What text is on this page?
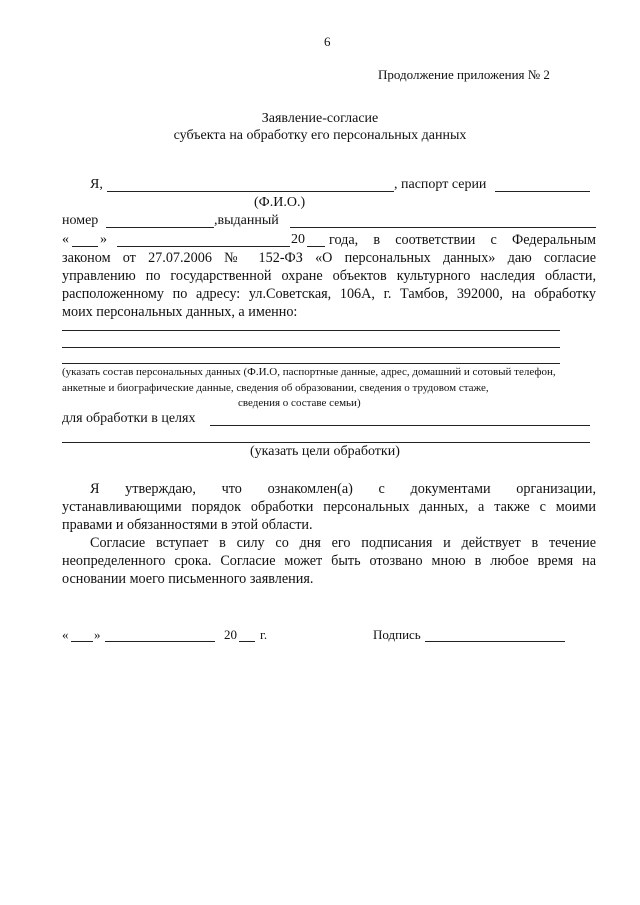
6
Продолжение приложения № 2
Заявление-согласие
субъекта на обработку его персональных данных
Я,	, паспорт серии
(Ф.И.О.)
номер	,выданный
« »	20 года, в соответствии с Федеральным
законом от 27.07.2006 № 152-ФЗ «О персональных данных» даю согласие
управлению по государственной охране объектов культурного наследия области,
расположенному по адресу: ул.Советская, 106А, г. Тамбов, 392000, на обработку
моих персональных данных, а именно:
(указать состав персональных данных (Ф.И.О, паспортные данные, адрес, домашний и сотовый телефон,
анкетные и биографические данные, сведения об образовании, сведения о трудовом стаже,
сведения о составе семьи)
для обработки в целях
(указать цели обработки)
Я утверждаю, что ознакомлен(а) с документами организации,
устанавливающими порядок обработки персональных данных, а также с моими
правами и обязанностями в этой области.
Согласие вступает в силу со дня его подписания и действует в течение
неопределенного срока. Согласие может быть отозвано мною в любое время на
основании моего письменного заявления.
« »	20 г.	Подпись
